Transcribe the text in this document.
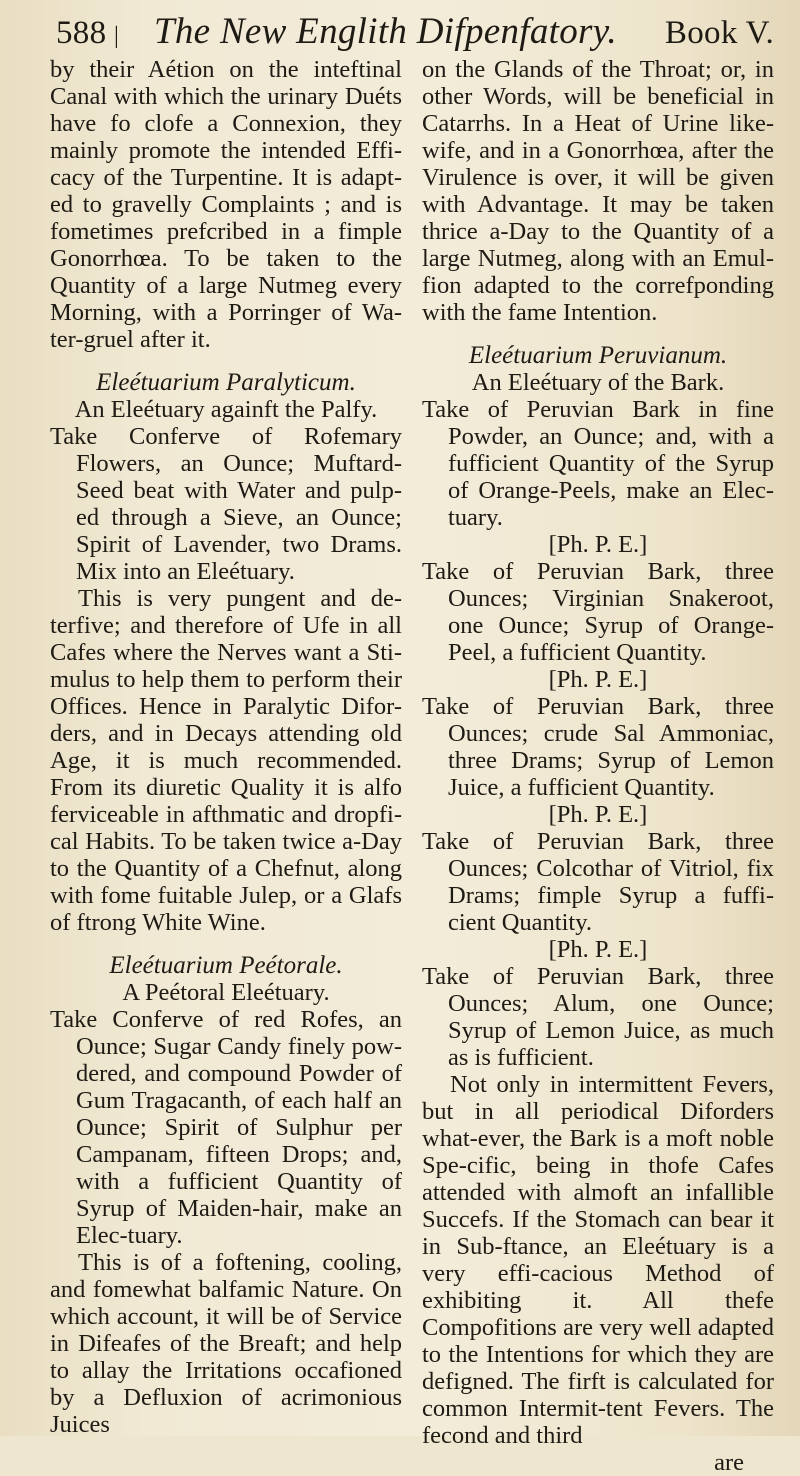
588 | The New Englith Difpenfatory.	Book V.

by their Aétion on the inteftinal Canal with which the urinary Duéts have fo clofe a Connexion, they mainly promote the intended Effi-cacy of the Turpentine. It is adapt-ed to gravelly Complaints ; and is fometimes prefcribed in a fimple Gonorrhœa. To be taken to the Quantity of a large Nutmeg every Morning, with a Porringer of Wa-ter-gruel after it.

Eleétuarium Paralyticum.
An Eleétuary againft the Palfy.

Take Conferve of Rofemary Flowers, an Ounce; Muftard-Seed beat with Water and pulp-ed through a Sieve, an Ounce; Spirit of Lavender, two Drams. Mix into an Eleétuary.

This is very pungent and de-terfive; and therefore of Ufe in all Cafes where the Nerves want a Sti-mulus to help them to perform their Offices. Hence in Paralytic Difor-ders, and in Decays attending old Age, it is much recommended. From its diuretic Quality it is alfo ferviceable in afthmatic and dropfi-cal Habits. To be taken twice a-Day to the Quantity of a Chefnut, along with fome fuitable Julep, or a Glafs of ftrong White Wine.

Eleétuarium Peétorale.
A Peétoral Eleétuary.

Take Conferve of red Rofes, an Ounce; Sugar Candy finely pow-dered, and compound Powder of Gum Tragacanth, of each half an Ounce; Spirit of Sulphur per Campanam, fifteen Drops; and, with a fufficient Quantity of Syrup of Maiden-hair, make an Elec-tuary.

This is of a foftening, cooling, and fomewhat balfamic Nature. On which account, it will be of Service in Difeafes of the Breaft; and help to allay the Irritations occafioned by a Defluxion of acrimonious Juices

on the Glands of the Throat; or, in other Words, will be beneficial in Catarrhs. In a Heat of Urine like-wife, and in a Gonorrhœa, after the Virulence is over, it will be given with Advantage. It may be taken thrice a-Day to the Quantity of a large Nutmeg, along with an Emul-fion adapted to the correfponding with the fame Intention.

Eleétuarium Peruvianum.
An Eleétuary of the Bark.

Take of Peruvian Bark in fine Powder, an Ounce; and, with a fufficient Quantity of the Syrup of Orange-Peels, make an Elec-tuary.

[Ph. P. E.]

Take of Peruvian Bark, three Ounces; Virginian Snakeroot, one Ounce; Syrup of Orange-Peel, a fufficient Quantity.

[Ph. P. E.]

Take of Peruvian Bark, three Ounces; crude Sal Ammoniac, three Drams; Syrup of Lemon Juice, a fufficient Quantity.

[Ph. P. E.]

Take of Peruvian Bark, three Ounces; Colcothar of Vitriol, fix Drams; fimple Syrup a fuffi-cient Quantity.

[Ph. P. E.]

Take of Peruvian Bark, three Ounces; Alum, one Ounce; Syrup of Lemon Juice, as much as is fufficient.

Not only in intermittent Fevers, but in all periodical Diforders what-ever, the Bark is a moft noble Spe-cific, being in thofe Cafes attended with almoft an infallible Succefs. If the Stomach can bear it in Sub-ftance, an Eleétuary is a very effi-cacious Method of exhibiting it. All thefe Compofitions are very well adapted to the Intentions for which they are defigned. The firft is calculated for common Intermit-tent Fevers. The fecond and third

are
